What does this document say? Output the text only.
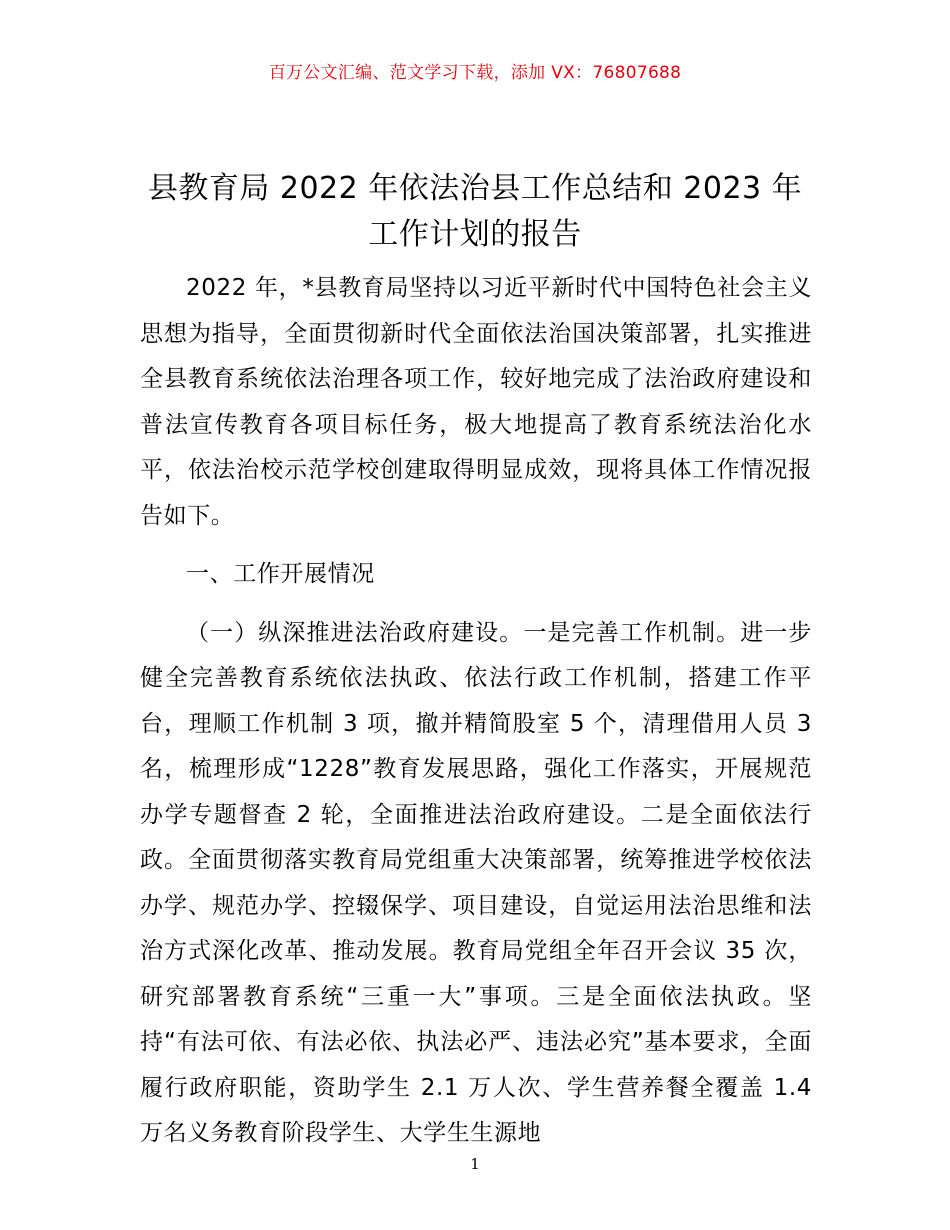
百万公文汇编、范文学习下载，添加 VX：76807688
县教育局 2022 年依法治县工作总结和 2023 年
工作计划的报告

2022 年，*县教育局坚持以习近平新时代中国特色社会主义思想为指导，全面贯彻新时代全面依法治国决策部署，扎实推进全县教育系统依法治理各项工作，较好地完成了法治政府建设和普法宣传教育各项目标任务，极大地提高了教育系统法治化水平，依法治校示范学校创建取得明显成效，现将具体工作情况报告如下。

一、工作开展情况

（一）纵深推进法治政府建设。一是完善工作机制。进一步健全完善教育系统依法执政、依法行政工作机制，搭建工作平台，理顺工作机制 3 项，撤并精简股室 5 个，清理借用人员 3 名，梳理形成“1228”教育发展思路，强化工作落实，开展规范办学专题督查 2 轮，全面推进法治政府建设。二是全面依法行政。全面贯彻落实教育局党组重大决策部署，统筹推进学校依法办学、规范办学、控辍保学、项目建设，自觉运用法治思维和法治方式深化改革、推动发展。教育局党组全年召开会议 35 次，研究部署教育系统“三重一大”事项。三是全面依法执政。坚持“有法可依、有法必依、执法必严、违法必究”基本要求，全面履行政府职能，资助学生 2.1 万人次、学生营养餐全覆盖 1.4 万名义务教育阶段学生、大学生生源地

1
